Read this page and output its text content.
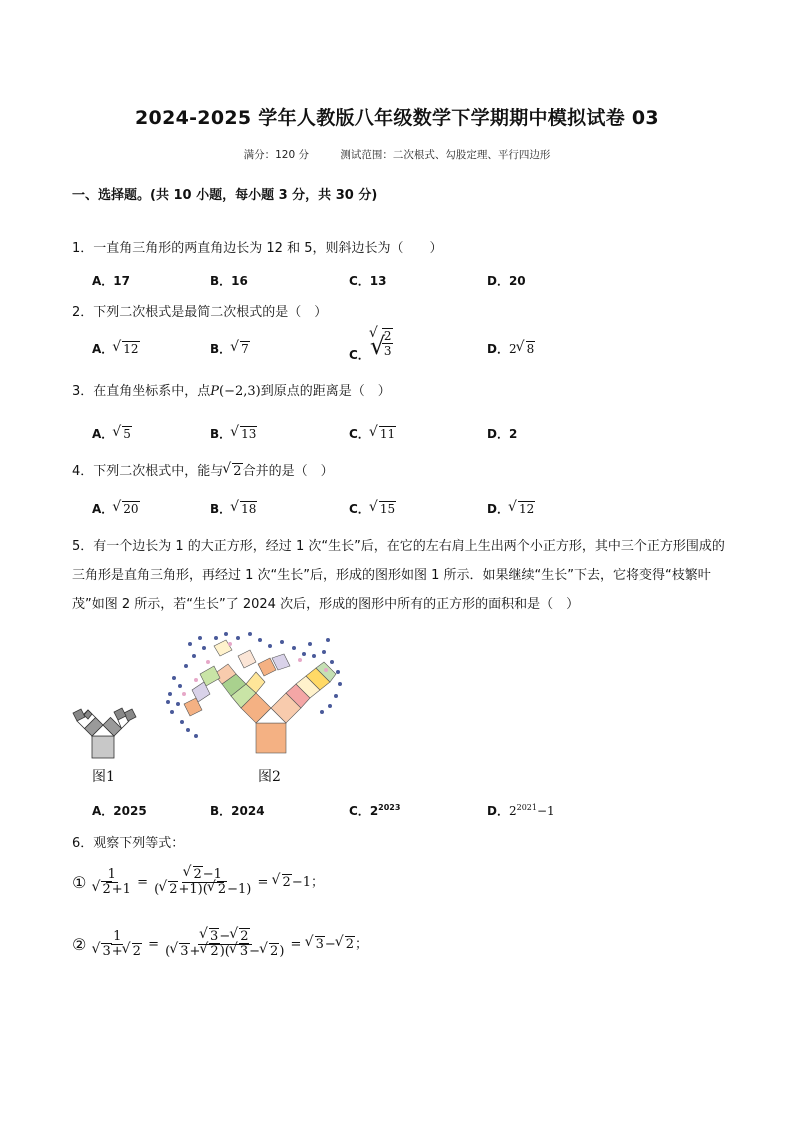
2024-2025 学年人教版八年级数学下学期期中模拟试卷 03
满分：120 分	测试范围：二次根式、勾股定理、平行四边形
一、选择题。(共 10 小题，每小题 3 分，共 30 分)
1．一直角三角形的两直角边长为 12 和 5，则斜边长为（　　）
A．17	B．16	C．13	D．20
2．下列二次根式是最简二次根式的是（　）
A． √ 12	B． √ 7	C． √ √
$\frac{2}{3}$	D．2 √ 8
3．在直角坐标系中，点P(−2,3)到原点的距离是（　）
A． √ 5	B． √ 13	C． √ 11	D．2
4．下列二次根式中，能与 √ 2合并的是（　）
A． √ 20	B． √ 18	C． √ 15	D． √ 12
5．有一个边长为 1 的大正方形，经过 1 次“生长”后，在它的左右肩上生出两个小正方形，其中三个正方形围成的三角形是直角三角形，再经过 1 次“生长”后，形成的图形如图 1 所示．如果继续“生长”下去，它将变得“枝繁叶茂”如图 2 所示，若“生长”了 2024 次后，形成的图形中所有的正方形的面积和是（　）
图1	图2
A．2025	B．2024	C．$2^{2023}$	D．$2^{2021}-1$
6．观察下列等式：
① 1
√ 2+1 = √ $\frac{2-1}{( √ 2+1)( √ 2-1)}$ = √ 2−1；
② 1
√ 3+ √ 2 = √ $\frac{3- √ 2}{( √ 3+ √ 2)( √ 3- √ 2)}$ = √ 3− √ 2；
